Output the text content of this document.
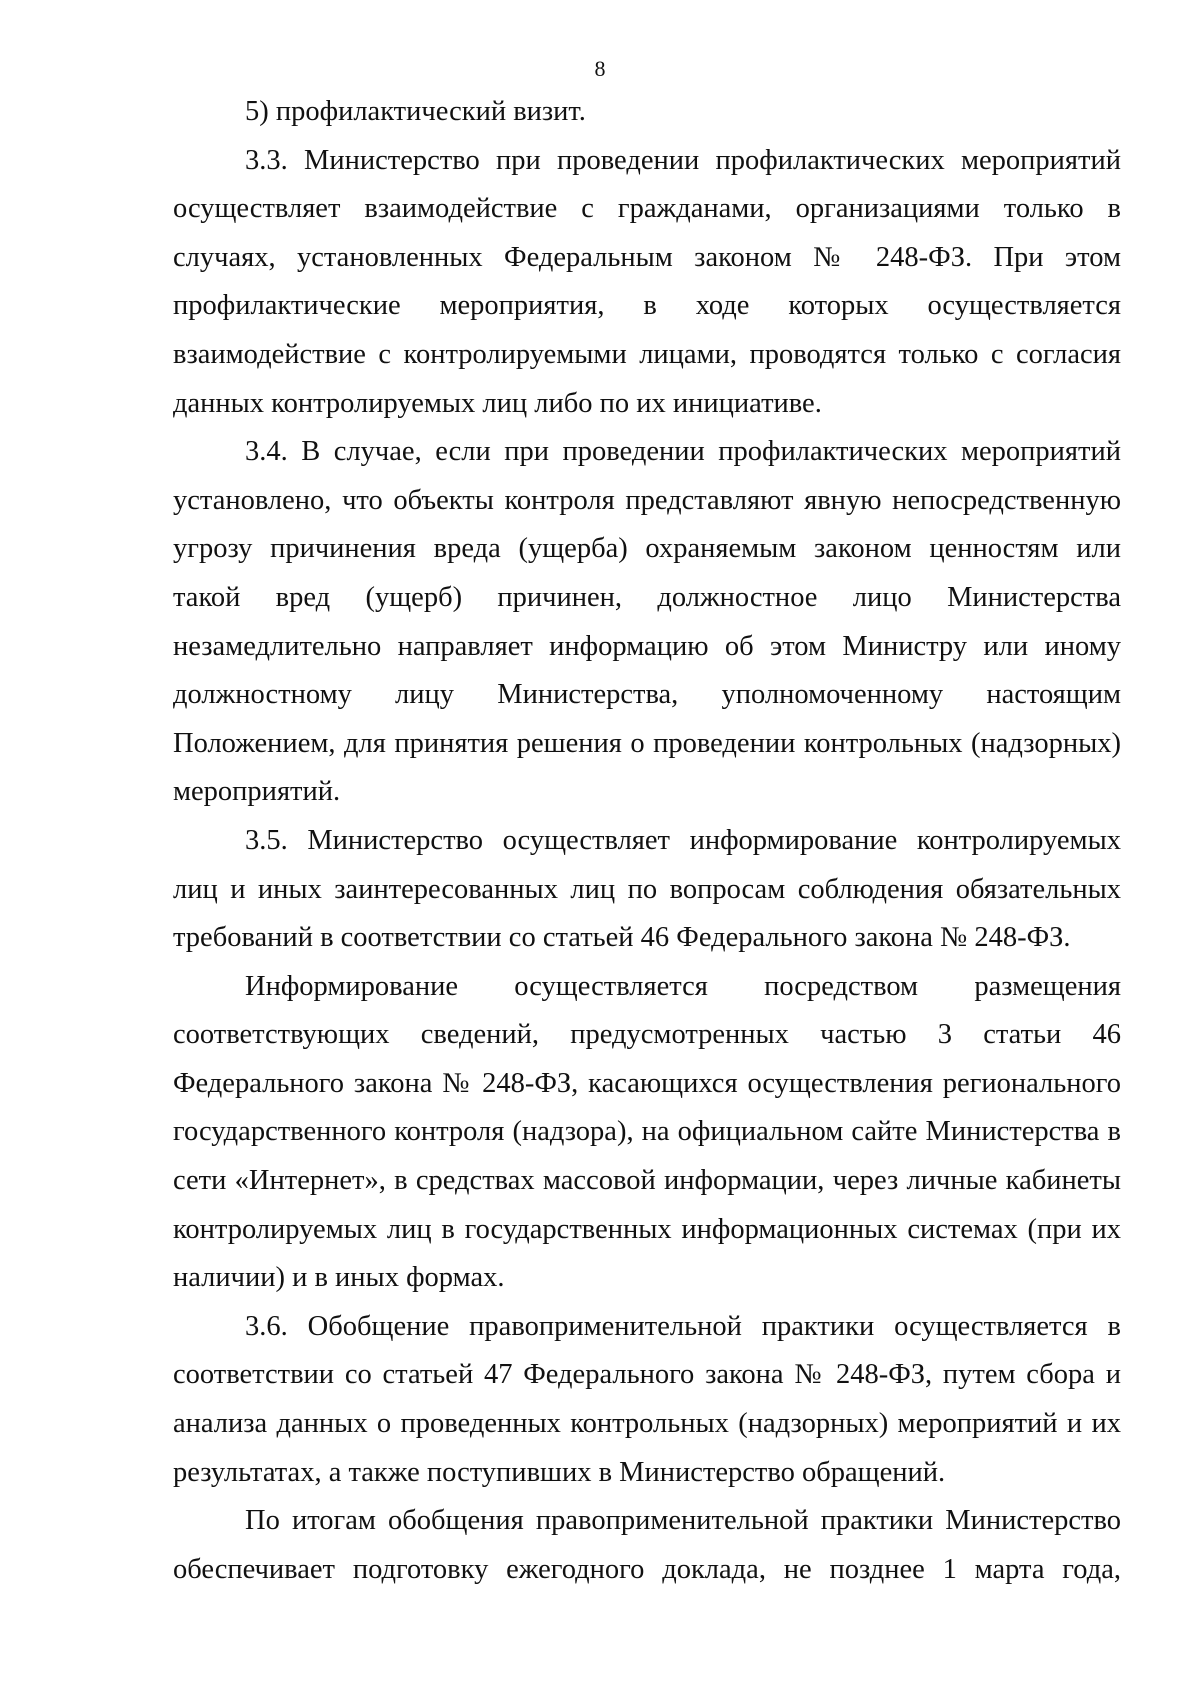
8

5) профилактический визит.

3.3. Министерство при проведении профилактических мероприятий осуществляет взаимодействие с гражданами, организациями только в случаях, установленных Федеральным законом № 248-ФЗ. При этом профилактические мероприятия, в ходе которых осуществляется взаимодействие с контролируемыми лицами, проводятся только с согласия данных контролируемых лиц либо по их инициативе.

3.4. В случае, если при проведении профилактических мероприятий установлено, что объекты контроля представляют явную непосредственную угрозу причинения вреда (ущерба) охраняемым законом ценностям или такой вред (ущерб) причинен, должностное лицо Министерства незамедлительно направляет информацию об этом Министру или иному должностному лицу Министерства, уполномоченному настоящим Положением, для принятия решения о проведении контрольных (надзорных) мероприятий.

3.5. Министерство осуществляет информирование контролируемых лиц и иных заинтересованных лиц по вопросам соблюдения обязательных требований в соответствии со статьей 46 Федерального закона № 248-ФЗ.

Информирование осуществляется посредством размещения соответствующих сведений, предусмотренных частью 3 статьи 46 Федерального закона № 248-ФЗ, касающихся осуществления регионального государственного контроля (надзора), на официальном сайте Министерства в сети «Интернет», в средствах массовой информации, через личные кабинеты контролируемых лиц в государственных информационных системах (при их наличии) и в иных формах.

3.6. Обобщение правоприменительной практики осуществляется в соответствии со статьей 47 Федерального закона № 248-ФЗ, путем сбора и анализа данных о проведенных контрольных (надзорных) мероприятий и их результатах, а также поступивших в Министерство обращений.

По итогам обобщения правоприменительной практики Министерство обеспечивает подготовку ежегодного доклада, не позднее 1 марта года,
